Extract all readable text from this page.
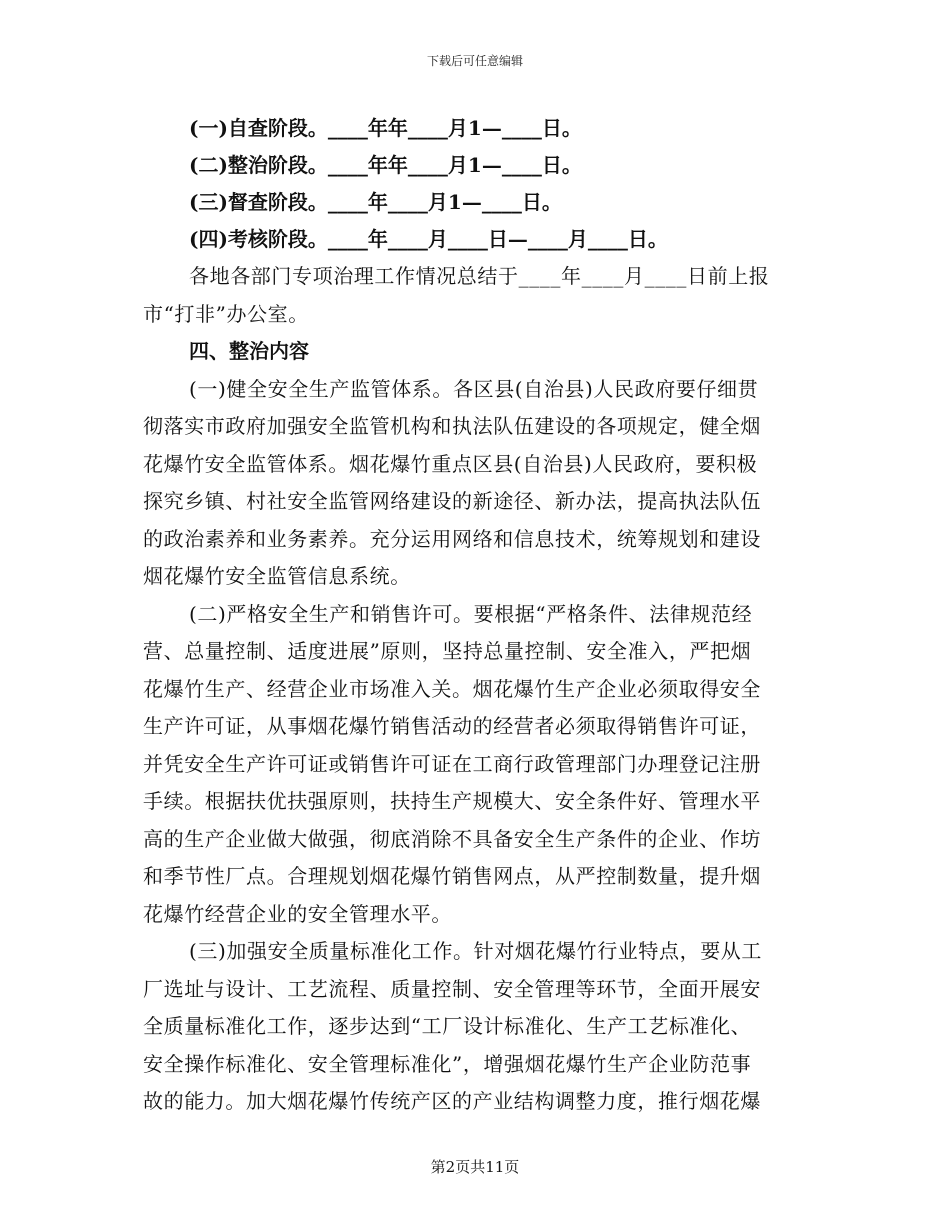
下载后可任意编辑
(一)自查阶段。____年年____月1—____日。
(二)整治阶段。____年年____月1—____日。
(三)督查阶段。____年____月1—____日。
(四)考核阶段。____年____月____日—____月____日。
各地各部门专项治理工作情况总结于____年____月____日前上报
市“打非”办公室。
四、整治内容
(一)健全安全生产监管体系。各区县(自治县)人民政府要仔细贯
彻落实市政府加强安全监管机构和执法队伍建设的各项规定，健全烟
花爆竹安全监管体系。烟花爆竹重点区县(自治县)人民政府，要积极
探究乡镇、村社安全监管网络建设的新途径、新办法，提高执法队伍
的政治素养和业务素养。充分运用网络和信息技术，统筹规划和建设
烟花爆竹安全监管信息系统。
(二)严格安全生产和销售许可。要根据“严格条件、法律规范经
营、总量控制、适度进展”原则，坚持总量控制、安全准入，严把烟
花爆竹生产、经营企业市场准入关。烟花爆竹生产企业必须取得安全
生产许可证，从事烟花爆竹销售活动的经营者必须取得销售许可证，
并凭安全生产许可证或销售许可证在工商行政管理部门办理登记注册
手续。根据扶优扶强原则，扶持生产规模大、安全条件好、管理水平
高的生产企业做大做强，彻底消除不具备安全生产条件的企业、作坊
和季节性厂点。合理规划烟花爆竹销售网点，从严控制数量，提升烟
花爆竹经营企业的安全管理水平。
(三)加强安全质量标准化工作。针对烟花爆竹行业特点，要从工
厂选址与设计、工艺流程、质量控制、安全管理等环节，全面开展安
全质量标准化工作，逐步达到“工厂设计标准化、生产工艺标准化、
安全操作标准化、安全管理标准化”，增强烟花爆竹生产企业防范事
故的能力。加大烟花爆竹传统产区的产业结构调整力度，推行烟花爆
第2页共11页
